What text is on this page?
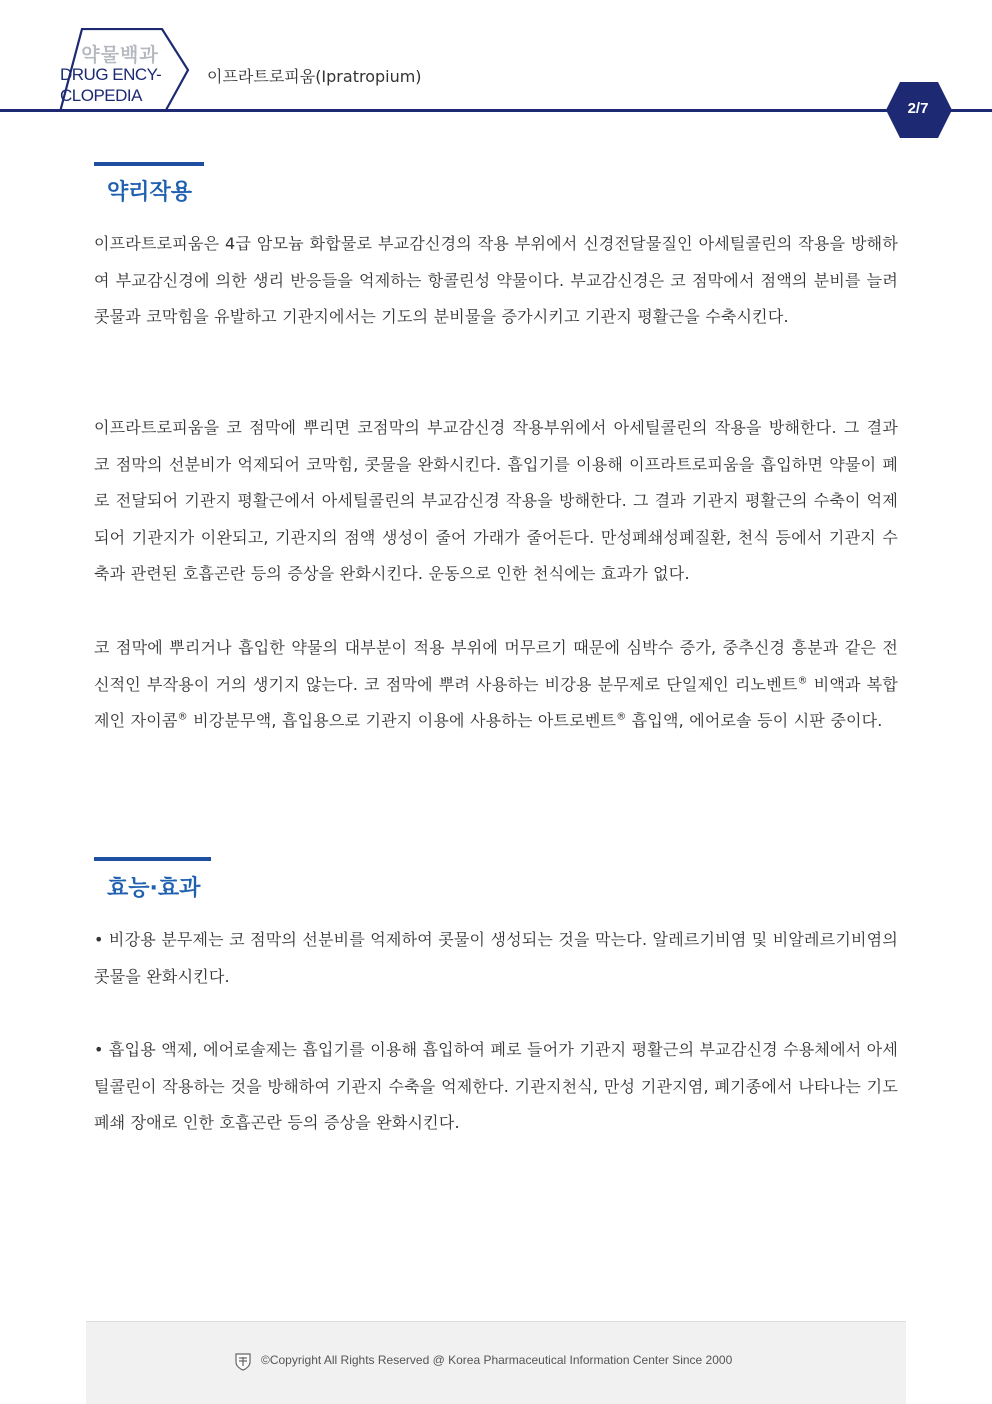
약물백과
DRUG ENCY-
CLOPEDIA
이프라트로피움(Ipratropium)
2/7
약리작용

이프라트로피움은 4급 암모늄 화합물로 부교감신경의 작용 부위에서 신경전달물질인 아세틸콜린의 작용을 방해하여 부교감신경에 의한 생리 반응들을 억제하는 항콜린성 약물이다. 부교감신경은 코 점막에서 점액의 분비를 늘려 콧물과 코막힘을 유발하고 기관지에서는 기도의 분비물을 증가시키고 기관지 평활근을 수축시킨다.

이프라트로피움을 코 점막에 뿌리면 코점막의 부교감신경 작용부위에서 아세틸콜린의 작용을 방해한다. 그 결과 코 점막의 선분비가 억제되어 코막힘, 콧물을 완화시킨다. 흡입기를 이용해 이프라트로피움을 흡입하면 약물이 폐로 전달되어 기관지 평활근에서 아세틸콜린의 부교감신경 작용을 방해한다. 그 결과 기관지 평활근의 수축이 억제되어 기관지가 이완되고, 기관지의 점액 생성이 줄어 가래가 줄어든다. 만성폐쇄성폐질환, 천식 등에서 기관지 수축과 관련된 호흡곤란 등의 증상을 완화시킨다. 운동으로 인한 천식에는 효과가 없다.

코 점막에 뿌리거나 흡입한 약물의 대부분이 적용 부위에 머무르기 때문에 심박수 증가, 중추신경 흥분과 같은 전신적인 부작용이 거의 생기지 않는다. 코 점막에 뿌려 사용하는 비강용 분무제로 단일제인 리노벤트® 비액과 복합제인 자이콤® 비강분무액, 흡입용으로 기관지 이용에 사용하는 아트로벤트® 흡입액, 에어로솔 등이 시판 중이다.

효능·효과

• 비강용 분무제는 코 점막의 선분비를 억제하여 콧물이 생성되는 것을 막는다. 알레르기비염 및 비알레르기비염의 콧물을 완화시킨다.

• 흡입용 액제, 에어로솔제는 흡입기를 이용해 흡입하여 폐로 들어가 기관지 평활근의 부교감신경 수용체에서 아세틸콜린이 작용하는 것을 방해하여 기관지 수축을 억제한다. 기관지천식, 만성 기관지염, 폐기종에서 나타나는 기도폐쇄 장애로 인한 호흡곤란 등의 증상을 완화시킨다.

©Copyright All Rights Reserved @ Korea Pharmaceutical Information Center Since 2000
